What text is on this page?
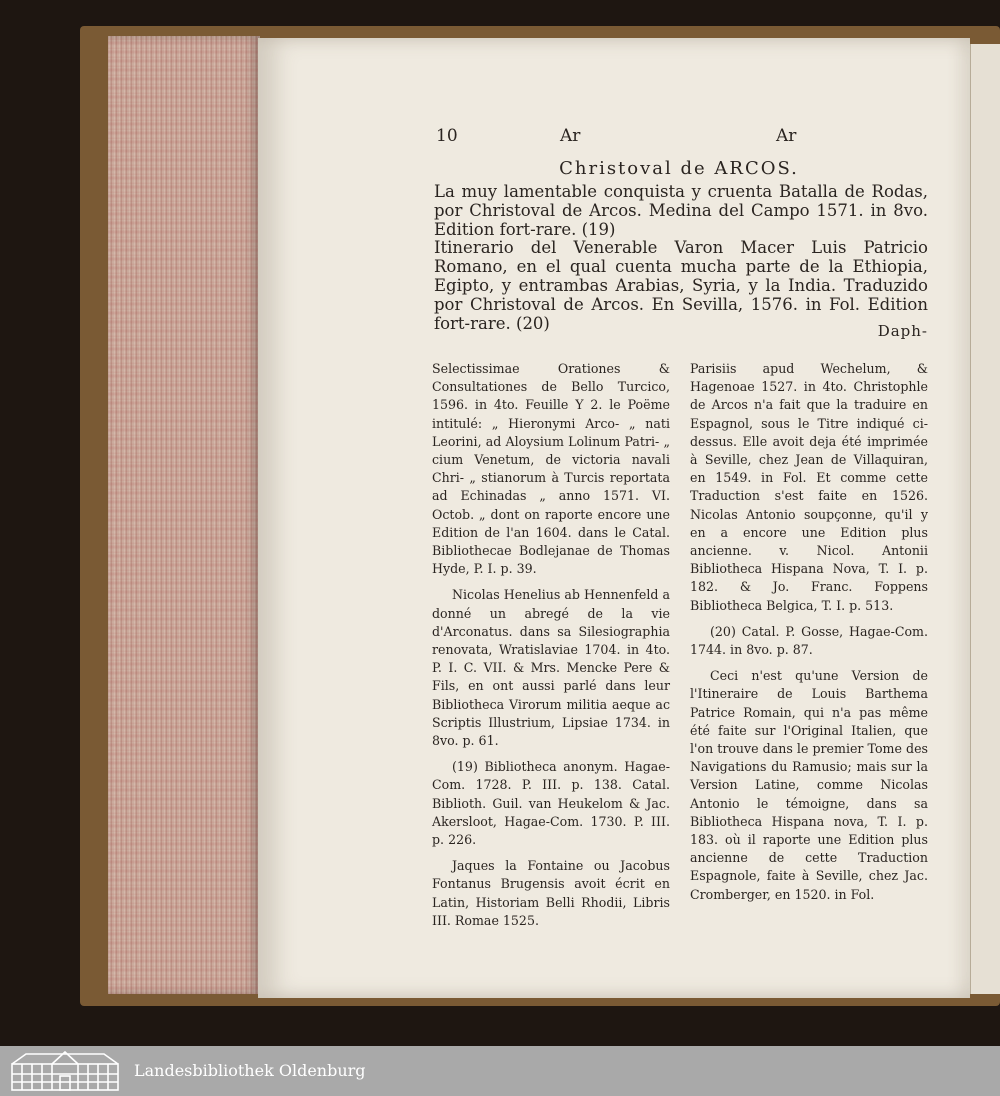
10	Ar	Ar
Christoval de ARCOS.
La muy lamentable conquista y cruenta Batalla de Rodas, por Christoval de Arcos. Medina del Campo 1571. in 8vo. Edition fort-rare. (19)
Itinerario del Venerable Varon Macer Luis Patricio Romano, en el qual cuenta mucha parte de la Ethiopia, Egipto, y entrambas Arabias, Syria, y la India. Traduzido por Christoval de Arcos. En Sevilla, 1576. in Fol. Edition fort-rare. (20)	Daph-

Selectissimae Orationes & Consultationes de Bello Turcico, 1596. in 4to. Feuille Y 2. le Poëme intitulé: „ Hieronymi Arco- „ nati Leorini, ad Aloysium Lolinum Patri- „ cium Venetum, de victoria navali Chri- „ stianorum à Turcis reportata ad Echinadas „ anno 1571. VI. Octob. „ dont on raporte encore une Edition de l'an 1604. dans le Catal. Bibliothecae Bodlejanae de Thomas Hyde, P. I. p. 39.

Nicolas Henelius ab Hennenfeld a donné un abregé de la vie d'Arconatus. dans sa Silesiographia renovata, Wratislaviae 1704. in 4to. P. I. C. VII. & Mrs. Mencke Pere & Fils, en ont aussi parlé dans leur Bibliotheca Virorum militia aeque ac Scriptis Illustrium, Lipsiae 1734. in 8vo. p. 61.

(19) Bibliotheca anonym. Hagae-Com. 1728. P. III. p. 138. Catal. Biblioth. Guil. van Heukelom & Jac. Akersloot, Hagae-Com. 1730. P. III. p. 226.

Jaques la Fontaine ou Jacobus Fontanus Brugensis avoit écrit en Latin, Historiam Belli Rhodii, Libris III. Romae 1525.

Parisiis apud Wechelum, & Hagenoae 1527. in 4to. Christophle de Arcos n'a fait que la traduire en Espagnol, sous le Titre indiqué ci-dessus. Elle avoit deja été imprimée à Seville, chez Jean de Villaquiran, en 1549. in Fol. Et comme cette Traduction s'est faite en 1526. Nicolas Antonio soupçonne, qu'il y en a encore une Edition plus ancienne. v. Nicol. Antonii Bibliotheca Hispana Nova, T. I. p. 182. & Jo. Franc. Foppens Bibliotheca Belgica, T. I. p. 513.

(20) Catal. P. Gosse, Hagae-Com. 1744. in 8vo. p. 87.

Ceci n'est qu'une Version de l'Itineraire de Louis Barthema Patrice Romain, qui n'a pas même été faite sur l'Original Italien, que l'on trouve dans le premier Tome des Navigations du Ramusio; mais sur la Version Latine, comme Nicolas Antonio le témoigne, dans sa Bibliotheca Hispana nova, T. I. p. 183. où il raporte une Edition plus ancienne de cette Traduction Espagnole, faite à Seville, chez Jac. Cromberger, en 1520. in Fol.

Landesbibliothek Oldenburg
